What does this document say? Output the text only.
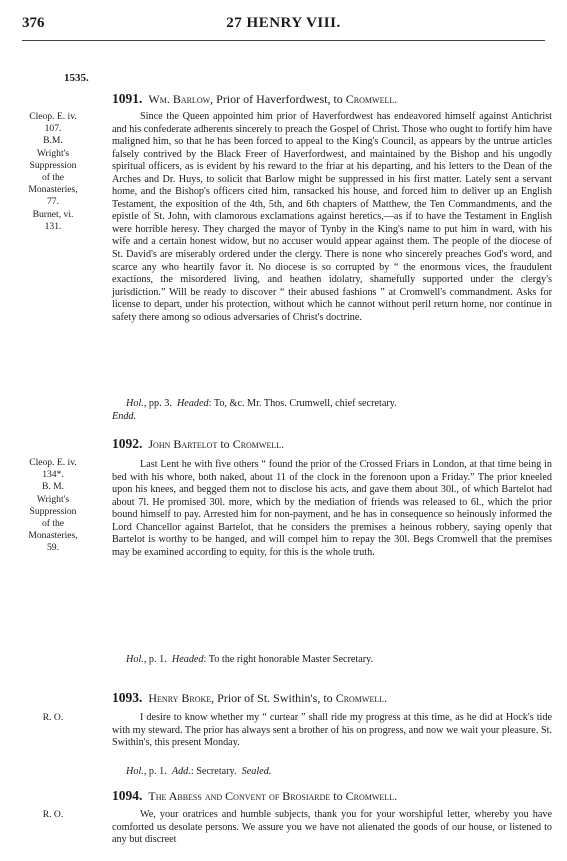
376	27 HENRY VIII.
1535.
Cleop. E. iv.
107.
B.M.
Wright's
Suppression
of the
Monasteries,
77.
Burnet, vi.
131.
1091. Wm. Barlow, Prior of Haverfordwest, to Cromwell.

Since the Queen appointed him prior of Haverfordwest has endeavored himself against Antichrist and his confederate adherents sincerely to preach the Gospel of Christ. Those who ought to fortify him have maligned him, so that he has been forced to appeal to the King's Council, as appears by the untrue articles falsely contrived by the Black Freer of Haverfordwest, and maintained by the Bishop and his ungodly spiritual officers, as is evident by his reward to the friar at his departing, and his letters to the Dean of the Arches and Dr. Huys, to solicit that Barlow might be suppressed in his first matter. Lately sent a servant home, and the Bishop's officers cited him, ransacked his house, and forced him to deliver up an English Testament, the exposition of the 4th, 5th, and 6th chapters of Matthew, the Ten Commandments, and the epistle of St. John, with clamorous exclamations against heretics,—as if to have the Testament in English were horrible heresy. They charged the mayor of Tynby in the King's name to put him in ward, with his wife and a certain honest widow, but no accuser would appear against them. The people of the diocese of St. David's are miserably ordered under the clergy. There is none who sincerely preaches God's word, and scarce any who heartily favor it. No diocese is so corrupted by “ the enormous vices, the fraudulent exactions, the misordered living, and heathen idolatry, shamefully supported under the clergy's jurisdiction.” Will be ready to discover “ their abused fashions ” at Cromwell's commandment. Asks for license to depart, under his protection, without which he cannot without peril return home, nor continue in safety there among so odious adversaries of Christ's doctrine.

Hol., pp. 3. Headed: To, &c. Mr. Thos. Crumwell, chief secretary.

Endd.
Cleop. E. iv.
134*.
B. M.
Wright's
Suppression
of the
Monasteries,
59.
1092. John Bartelot to Cromwell.

Last Lent he with five others “ found the prior of the Crossed Friars in London, at that time being in bed with his whore, both naked, about 11 of the clock in the forenoon upon a Friday.” The prior kneeled upon his knees, and begged them not to disclose his acts, and gave them about 30l., of which Bartelot had about 7l. He promised 30l. more, which by the mediation of friends was released to 6l., which the prior bound himself to pay. Arrested him for non-payment, and he has in consequence so heinously informed the Lord Chancellor against Bartelot, that he considers the premises a heinous robbery, saying openly that Bartelot is worthy to be hanged, and will compel him to repay the 30l. Begs Cromwell that the premises may be examined according to equity, for this is the whole truth.

Hol., p. 1. Headed: To the right honorable Master Secretary.

R. O.
1093. Henry Broke, Prior of St. Swithin's, to Cromwell.

I desire to know whether my “ curtear ” shall ride my progress at this time, as he did at Hock's tide with my steward. The prior has always sent a brother of his on progress, and now we wait your pleasure. St. Swithin's, this present Monday.

Hol., p. 1. Add.: Secretary. Sealed.

R. O.
1094. The Abbess and Convent of Brosiarde to Cromwell.

We, your oratrices and humble subjects, thank you for your worshipful letter, whereby you have comforted us desolate persons. We assure you we have not alienated the goods of our house, or listened to any but discreet
